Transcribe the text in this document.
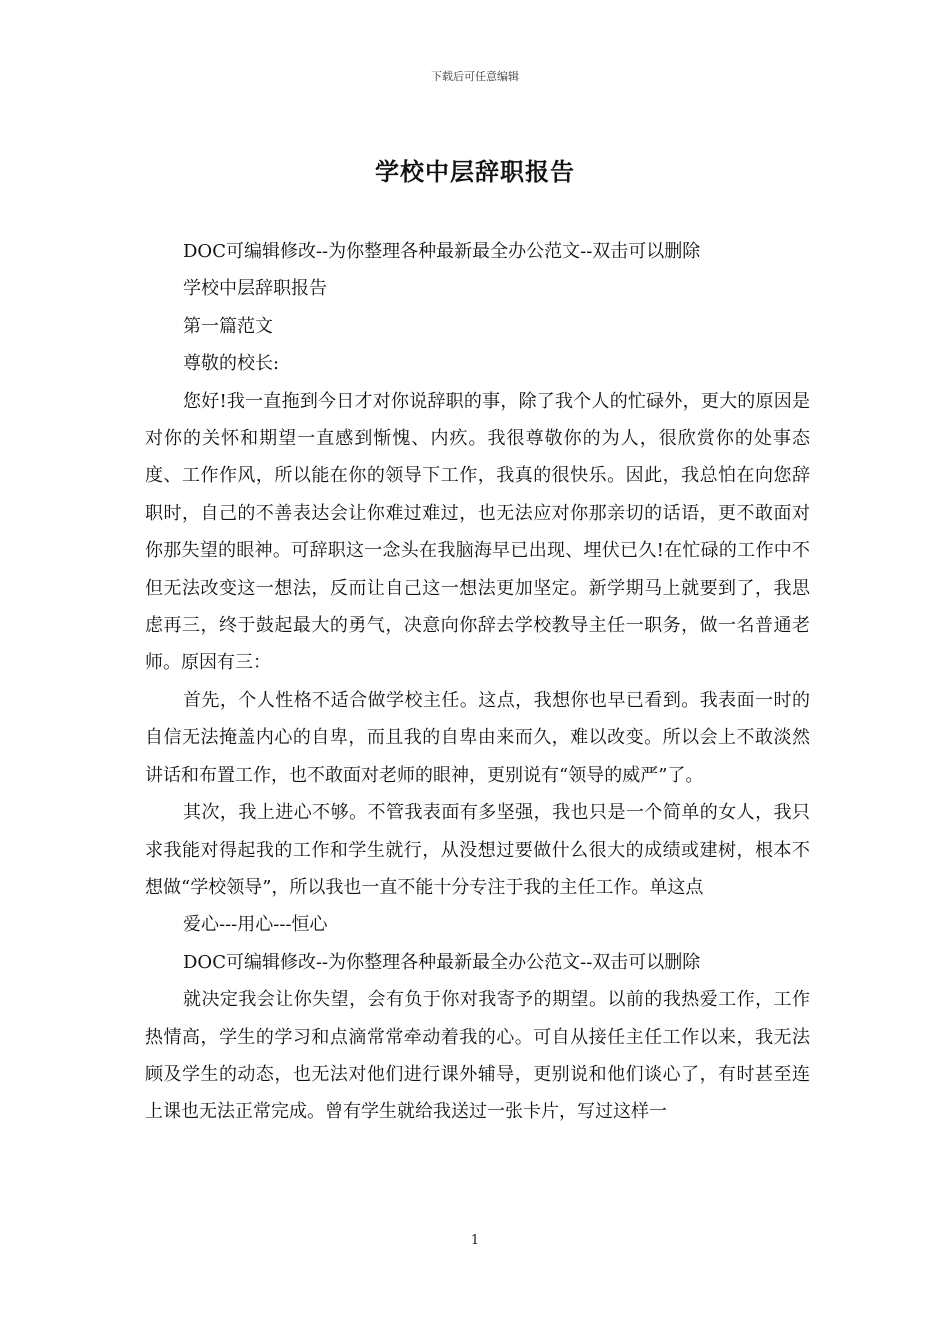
下载后可任意编辑
学校中层辞职报告

DOC可编辑修改--为你整理各种最新最全办公范文--双击可以删除

学校中层辞职报告

第一篇范文

尊敬的校长:

您好!我一直拖到今日才对你说辞职的事，除了我个人的忙碌外，更大的原因是对你的关怀和期望一直感到惭愧、内疚。我很尊敬你的为人，很欣赏你的处事态度、工作作风，所以能在你的领导下工作，我真的很快乐。因此，我总怕在向您辞职时，自己的不善表达会让你难过难过，也无法应对你那亲切的话语，更不敢面对你那失望的眼神。可辞职这一念头在我脑海早已出现、埋伏已久!在忙碌的工作中不但无法改变这一想法，反而让自己这一想法更加坚定。新学期马上就要到了，我思虑再三，终于鼓起最大的勇气，决意向你辞去学校教导主任一职务，做一名普通老师。原因有三：

首先，个人性格不适合做学校主任。这点，我想你也早已看到。我表面一时的自信无法掩盖内心的自卑，而且我的自卑由来而久，难以改变。所以会上不敢淡然讲话和布置工作，也不敢面对老师的眼神，更别说有“领导的威严”了。

其次，我上进心不够。不管我表面有多坚强，我也只是一个简单的女人，我只求我能对得起我的工作和学生就行，从没想过要做什么很大的成绩或建树，根本不想做“学校领导”，所以我也一直不能十分专注于我的主任工作。单这点

爱心---用心---恒心

DOC可编辑修改--为你整理各种最新最全办公范文--双击可以删除

就决定我会让你失望，会有负于你对我寄予的期望。以前的我热爱工作，工作热情高，学生的学习和点滴常常牵动着我的心。可自从接任主任工作以来，我无法顾及学生的动态，也无法对他们进行课外辅导，更别说和他们谈心了，有时甚至连上课也无法正常完成。曾有学生就给我送过一张卡片，写过这样一

1
